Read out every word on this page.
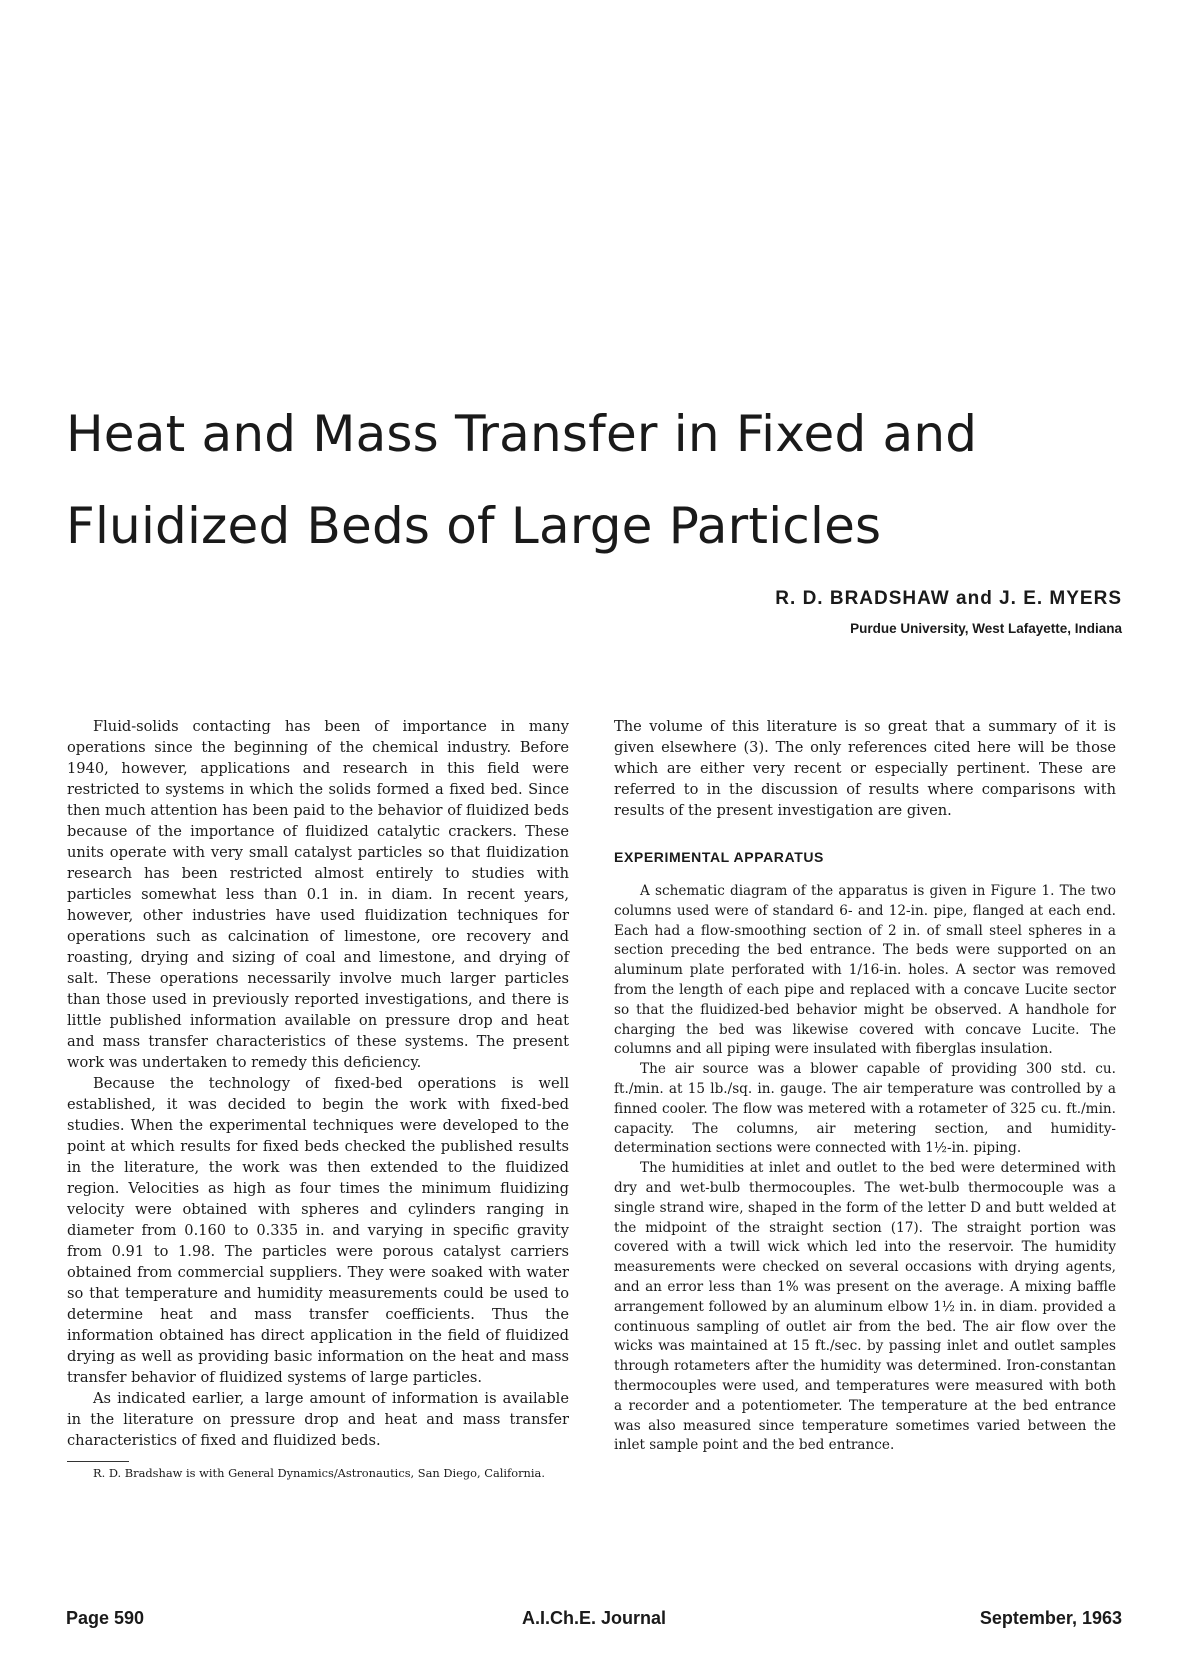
Heat and Mass Transfer in Fixed and
Fluidized Beds of Large Particles
R. D. BRADSHAW and J. E. MYERS
Purdue University, West Lafayette, Indiana

Fluid-solids contacting has been of importance in many operations since the beginning of the chemical industry. Before 1940, however, applications and research in this field were restricted to systems in which the solids formed a fixed bed. Since then much attention has been paid to the behavior of fluidized beds because of the importance of fluidized catalytic crackers. These units operate with very small catalyst particles so that fluidization research has been restricted almost entirely to studies with particles somewhat less than 0.1 in. in diam. In recent years, however, other industries have used fluidization techniques for operations such as calcination of limestone, ore recovery and roasting, drying and sizing of coal and limestone, and drying of salt. These operations necessarily involve much larger particles than those used in previously reported investigations, and there is little published information available on pressure drop and heat and mass transfer characteristics of these systems. The present work was undertaken to remedy this deficiency.

Because the technology of fixed-bed operations is well established, it was decided to begin the work with fixed-bed studies. When the experimental techniques were developed to the point at which results for fixed beds checked the published results in the literature, the work was then extended to the fluidized region. Velocities as high as four times the minimum fluidizing velocity were obtained with spheres and cylinders ranging in diameter from 0.160 to 0.335 in. and varying in specific gravity from 0.91 to 1.98. The particles were porous catalyst carriers obtained from commercial suppliers. They were soaked with water so that temperature and humidity measurements could be used to determine heat and mass transfer coefficients. Thus the information obtained has direct application in the field of fluidized drying as well as providing basic information on the heat and mass transfer behavior of fluidized systems of large particles.

As indicated earlier, a large amount of information is available in the literature on pressure drop and heat and mass transfer characteristics of fixed and fluidized beds.

R. D. Bradshaw is with General Dynamics/Astronautics, San Diego, California.

The volume of this literature is so great that a summary of it is given elsewhere (3). The only references cited here will be those which are either very recent or especially pertinent. These are referred to in the discussion of results where comparisons with results of the present investigation are given.

EXPERIMENTAL APPARATUS

A schematic diagram of the apparatus is given in Figure 1. The two columns used were of standard 6- and 12-in. pipe, flanged at each end. Each had a flow-smoothing section of 2 in. of small steel spheres in a section preceding the bed entrance. The beds were supported on an aluminum plate perforated with 1/16-in. holes. A sector was removed from the length of each pipe and replaced with a concave Lucite sector so that the fluidized-bed behavior might be observed. A handhole for charging the bed was likewise covered with concave Lucite. The columns and all piping were insulated with fiberglas insulation.

The air source was a blower capable of providing 300 std. cu. ft./min. at 15 lb./sq. in. gauge. The air temperature was controlled by a finned cooler. The flow was metered with a rotameter of 325 cu. ft./min. capacity. The columns, air metering section, and humidity-determination sections were connected with 1½-in. piping.

The humidities at inlet and outlet to the bed were determined with dry and wet-bulb thermocouples. The wet-bulb thermocouple was a single strand wire, shaped in the form of the letter D and butt welded at the midpoint of the straight section (17). The straight portion was covered with a twill wick which led into the reservoir. The humidity measurements were checked on several occasions with drying agents, and an error less than 1% was present on the average. A mixing baffle arrangement followed by an aluminum elbow 1½ in. in diam. provided a continuous sampling of outlet air from the bed. The air flow over the wicks was maintained at 15 ft./sec. by passing inlet and outlet samples through rotameters after the humidity was determined. Iron-constantan thermocouples were used, and temperatures were measured with both a recorder and a potentiometer. The temperature at the bed entrance was also measured since temperature sometimes varied between the inlet sample point and the bed entrance.

A.I.Ch.E. Journal
Page 590	September, 1963
